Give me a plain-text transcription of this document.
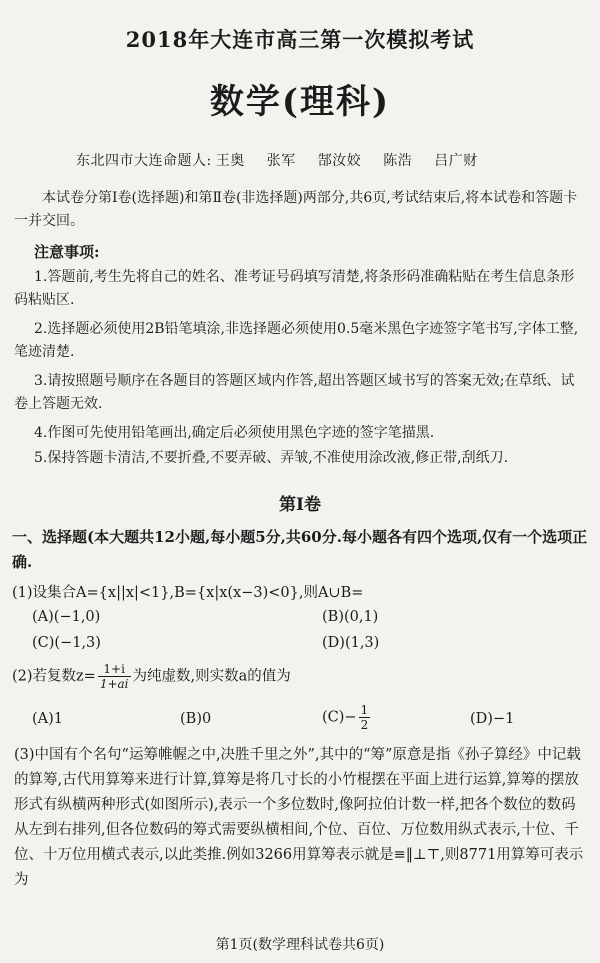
2018年大连市高三第一次模拟考试
数学(理科)
东北四市大连命题人: 王奥 张军 郜汝姣 陈浩 吕广财
本试卷分第Ⅰ卷(选择题)和第Ⅱ卷(非选择题)两部分,共6页,考试结束后,将本试卷和答题卡一并交回。
注意事项:
1.答题前,考生先将自己的姓名、准考证号码填写清楚,将条形码准确粘贴在考生信息条形码粘贴区.
2.选择题必须使用2B铅笔填涂,非选择题必须使用0.5毫米黑色字迹签字笔书写,字体工整,笔迹清楚.
3.请按照题号顺序在各题目的答题区域内作答,超出答题区域书写的答案无效;在草纸、试卷上答题无效.
4.作图可先使用铅笔画出,确定后必须使用黑色字迹的签字笔描黑.
5.保持答题卡清洁,不要折叠,不要弄破、弄皱,不准使用涂改液,修正带,刮纸刀.
第Ⅰ卷
一、选择题(本大题共12小题,每小题5分,共60分.每小题各有四个选项,仅有一个选项正确.
(1)设集合A={x||x|<1},B={x|x(x−3)<0},则A∪B=
(A)(−1,0)	(B)(0,1)
(C)(−1,3)	(D)(1,3)
(2)若复数$z= \frac{1+i}{1+ai}$ 为纯虚数,则实数a的值为
(A)1	(B)0	$(C)- \frac{1}{2}$	(D)−1
(3)中国有个名句“运筹帷幄之中,决胜千里之外”,其中的“筹”原意是指《孙子算经》中记载的算筹,古代用算筹来进行计算,算筹是将几寸长的小竹棍摆在平面上进行运算,算筹的摆放形式有纵横两种形式(如图所示),表示一个多位数时,像阿拉伯计数一样,把各个数位的数码从左到右排列,但各位数码的筹式需要纵横相间,个位、百位、万位数用纵式表示,十位、千位、十万位用横式表示,以此类推.例如3266用算筹表示就是≡‖⊥⊤,则8771用算筹可表示为
第1页(数学理科试卷共6页)
